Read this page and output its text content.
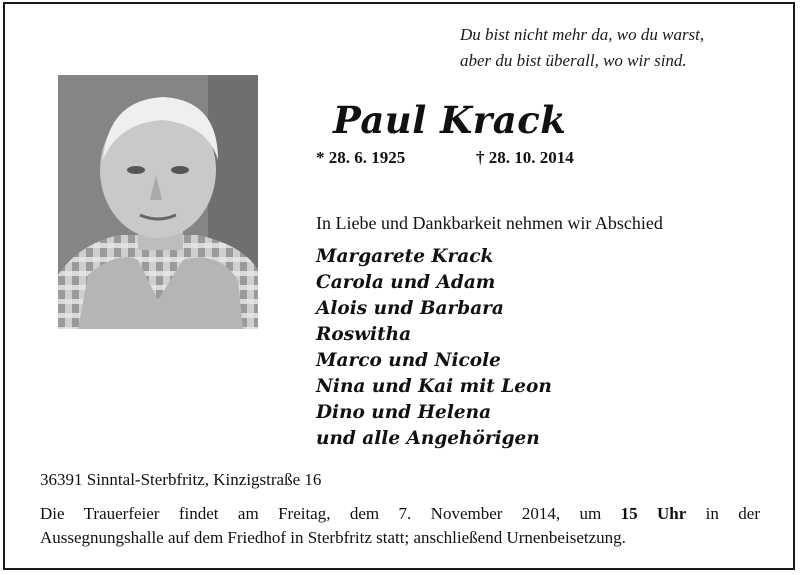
Du bist nicht mehr da, wo du warst,
aber du bist überall, wo wir sind.
Paul Krack
* 28. 6. 1925	† 28. 10. 2014
In Liebe und Dankbarkeit nehmen wir Abschied
Margarete Krack
Carola und Adam
Alois und Barbara
Roswitha
Marco und Nicole
Nina und Kai mit Leon
Dino und Helena
und alle Angehörigen
36391 Sinntal-Sterbfritz, Kinzigstraße 16
Die Trauerfeier findet am Freitag, dem 7. November 2014, um 15 Uhr in der
Aussegnungshalle auf dem Friedhof in Sterbfritz statt; anschließend Urnenbeisetzung.
